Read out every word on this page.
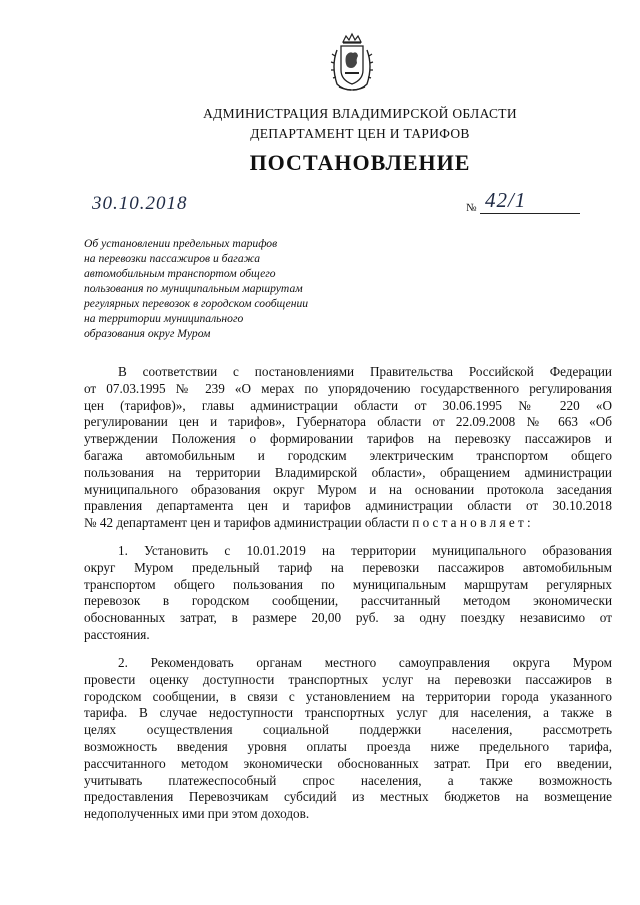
АДМИНИСТРАЦИЯ ВЛАДИМИРСКОЙ ОБЛАСТИ
ДЕПАРТАМЕНТ ЦЕН И ТАРИФОВ
ПОСТАНОВЛЕНИЕ
30.10.2018	№ 42/1
Об установлении предельных тарифов
на перевозки пассажиров и багажа
автомобильным транспортом общего
пользования по муниципальным маршрутам
регулярных перевозок в городском сообщении
на территории муниципального
образования округ Муром
В соответствии с постановлениями Правительства Российской Федерации
от 07.03.1995 № 239 «О мерах по упорядочению государственного регулирования
цен (тарифов)», главы администрации области от 30.06.1995 № 220 «О
регулировании цен и тарифов», Губернатора области от 22.09.2008 № 663 «Об
утверждении Положения о формировании тарифов на перевозку пассажиров и
багажа автомобильным и городским электрическим транспортом общего
пользования на территории Владимирской области», обращением администрации
муниципального образования округ Муром и на основании протокола заседания
правления департамента цен и тарифов администрации области от 30.10.2018
№ 42 департамент цен и тарифов администрации области п о с т а н о в л я е т :
1. Установить с 10.01.2019 на территории муниципального образования
округ Муром предельный тариф на перевозки пассажиров автомобильным
транспортом общего пользования по муниципальным маршрутам регулярных
перевозок в городском сообщении, рассчитанный методом экономически
обоснованных затрат, в размере 20,00 руб. за одну поездку независимо от
расстояния.
2. Рекомендовать органам местного самоуправления округа Муром
провести оценку доступности транспортных услуг на перевозки пассажиров в
городском сообщении, в связи с установлением на территории города указанного
тарифа. В случае недоступности транспортных услуг для населения, а также в
целях осуществления социальной поддержки населения, рассмотреть
возможность введения уровня оплаты проезда ниже предельного тарифа,
рассчитанного методом экономически обоснованных затрат. При его введении,
учитывать платежеспособный спрос населения, а также возможность
предоставления Перевозчикам субсидий из местных бюджетов на возмещение
недополученных ими при этом доходов.
